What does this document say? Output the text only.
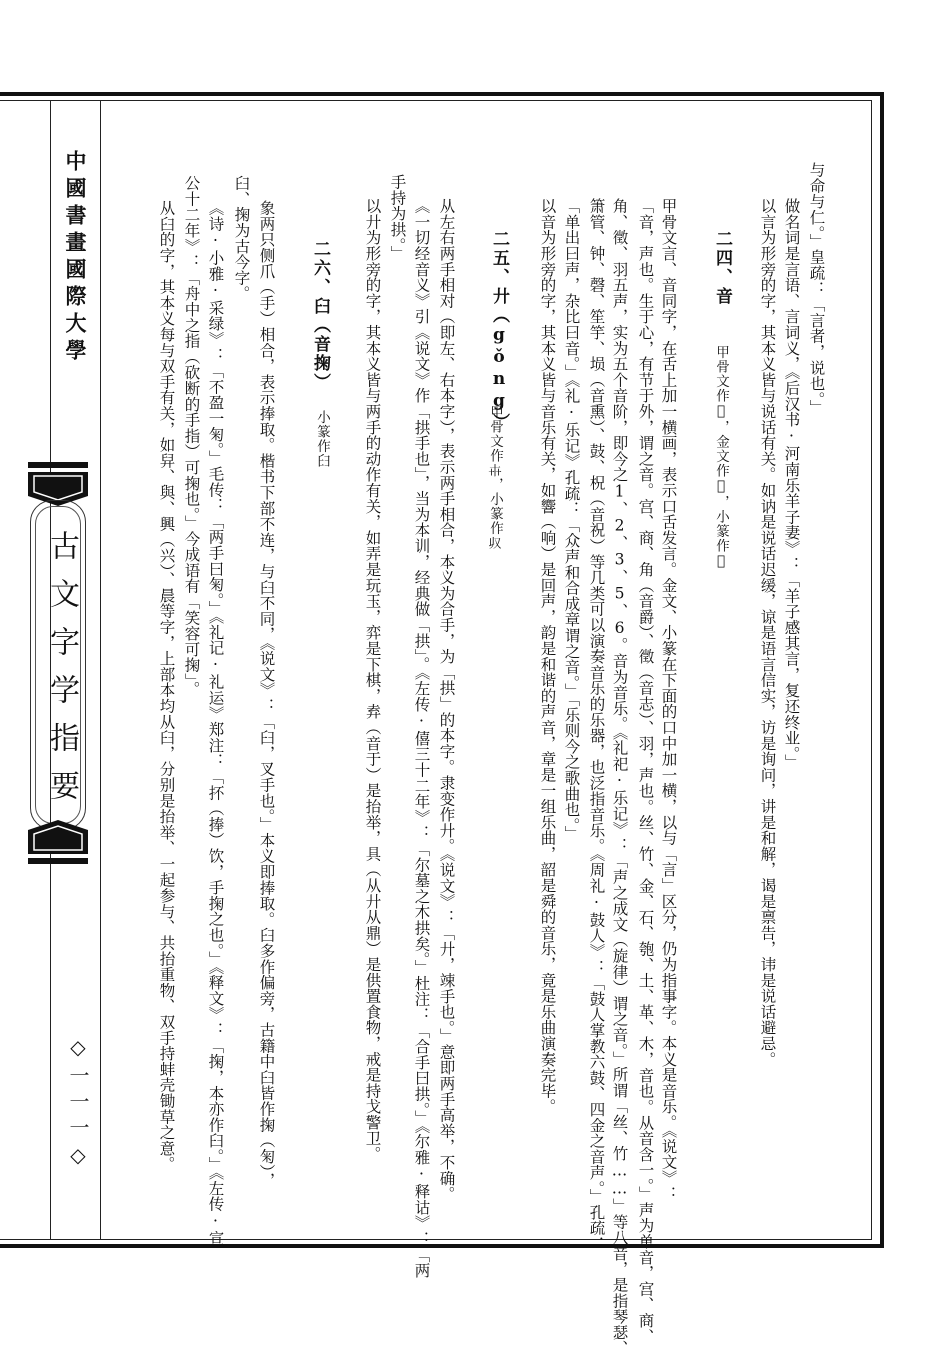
中國書畫國際大學
古文字学指要
◇一一一◇
与命与仁。」皇疏：「言者，说也。」
做名词是言语、言词义，《后汉书·河南乐羊子妻》：「羊子感其言，复还终业。」
以言为形旁的字，其本义皆与说话有关。如讷是说话迟缓，谅是语言信实，访是询问，讲是和解，谒是禀告，讳是说话避忌。
二四、音
甲骨文作𰁊，金文作𦎧，小篆作𧦝
甲骨文言、音同字，在舌上加一横画，表示口舌发言。金文、小篆在下面的口中加一横，以与「言」区分，仍为指事字。本义是音乐。《说文》：
「音，声也。生于心，有节于外，谓之音。宫、商、角（音爵）、徵（音志）、羽，声也。丝、竹、金、石、匏、土、革、木，音也。从音含一。」声为单音，宫、商、
角、徵、羽五声，实为五个音阶，即今之1、2、3、5、6。音为音乐。《礼祀·乐记》：「声之成文（旋律）谓之音。」所谓「丝、竹……」等八音，是指琴瑟、
箫管、钟、磬、笙竽、埙（音熏）、鼓、柷（音祝）等几类可以演奏音乐的乐器，也泛指音乐。《周礼·鼓人》：「鼓人掌教六鼓、四金之音声。」孔疏：
「单出曰声，杂比曰音。」《礼·乐记》孔疏：「众声和合成章谓之音。」「乐则今之歌曲也。」
以音为形旁的字，其本义皆与音乐有关，如響（响）是回声，韵是和谐的声音，章是一组乐曲，韶是舜的音乐，竟是乐曲演奏完毕。
二五、廾（gǒng）
甲骨文作𠦃，小篆作𠬞
从左右两手相对（即左、右本字），表示两手相合，本义为合手，为「拱」的本字。隶变作廾。《说文》：「廾，竦手也。」意即两手高举，不确。
《一切经音义》引《说文》作「拱手也」，当为本训，经典做「拱」。《左传·僖三十二年》：「尔墓之木拱矣。」杜注：「合手曰拱。」《尔雅·释诂》：「两
手持为拱。」
以廾为形旁的字，其本义皆与两手的动作有关，如弄是玩玉，弈是下棋，弆（音于）是抬举，具（从廾从鼎）是供置食物，戒是持戈警卫。
二六、臼（音掬）
小篆作𦥑
象两只侧爪（手）相合，表示捧取。楷书下部不连，与臼不同，《说文》：「臼，叉手也。」本义即捧取。臼多作偏旁，古籍中臼皆作掬（匊），
臼、掬为古今字。
《诗·小雅·采绿》：「不盈一匊。」毛传：「两手曰匊。」《礼记·礼运》郑注：「抔（捧）饮，手掬之也。」《释文》：「掬，本亦作臼。」《左传·宣
公十二年》：「舟中之指（砍断的手指）可掬也。」今成语有「笑容可掬」。
从臼的字，其本义每与双手有关，如舁、與、興（兴）、晨等字，上部本均从臼，分别是抬举、一起参与、共抬重物、双手持蚌壳锄草之意。
